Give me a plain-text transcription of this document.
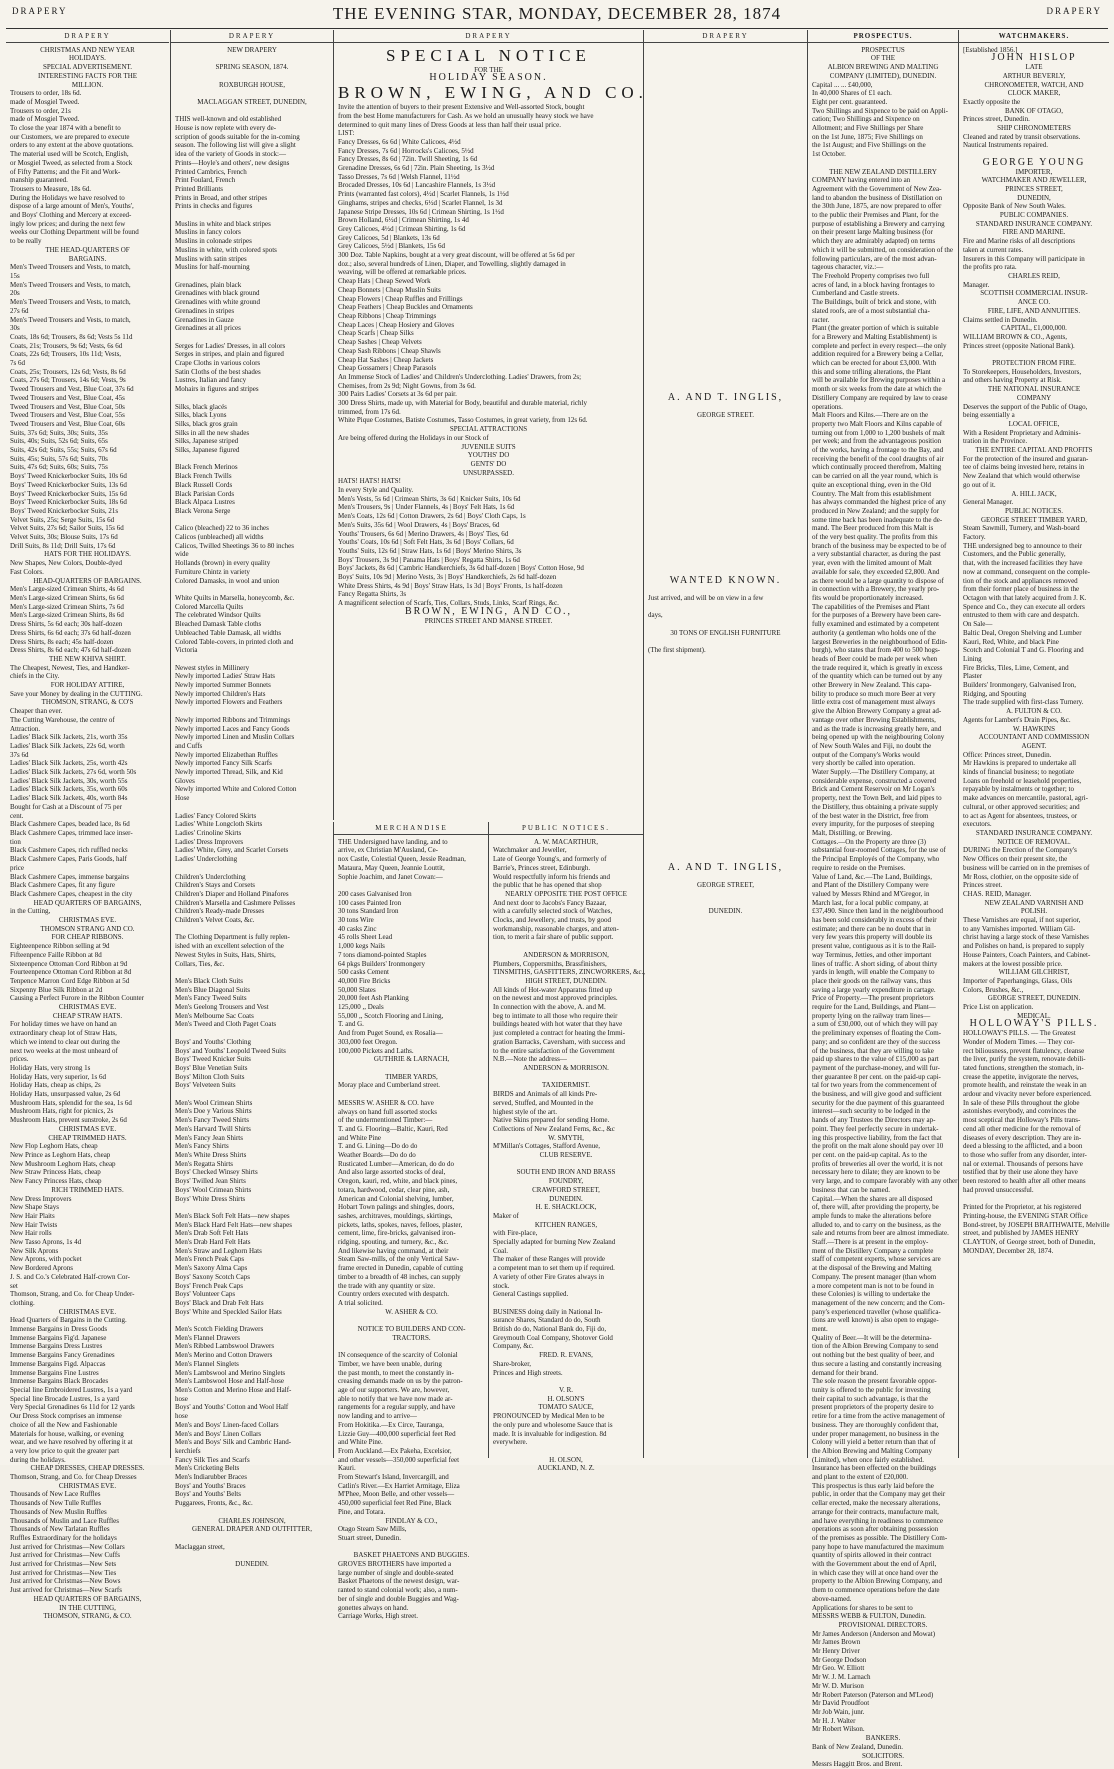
DRAPERY	THE EVENING STAR, MONDAY, DECEMBER 28, 1874	DRAPERY
DRAPERY
CHRISTMAS AND NEW YEAR
HOLIDAYS.
SPECIAL ADVERTISEMENT.
INTERESTING FACTS FOR THE
MILLION.
Trousers to order, 18s 6d.
made of Mosgiel Tweed.
Trousers to order, 21s
made of Mosgiel Tweed.
To close the year 1874 with a benefit to
our Customers, we are prepared to execute
orders to any extent at the above quotations.
The material used will be Scotch, English,
or Mosgiel Tweed, as selected from a Stock
of Fifty Patterns; and the Fit and Work-
manship guaranteed.
Trousers to Measure, 18s 6d.
During the Holidays we have resolved to
dispose of a large amount of Men's, Youths',
and Boys' Clothing and Mercery at exceed-
ingly low prices; and during the next few
weeks our Clothing Department will be found
to be really
THE HEAD-QUARTERS OF
BARGAINS.
Men's Tweed Trousers and Vests, to match,
15s
Men's Tweed Trousers and Vests, to match,
20s
Men's Tweed Trousers and Vests, to match,
27s 6d
Men's Tweed Trousers and Vests, to match,
30s
Coats, 18s 6d; Trousers, 8s 6d; Vests 5s 11d
Coats, 21s; Trousers, 9s 6d; Vests, 6s 6d
Coats, 22s 6d; Trousers, 10s 11d; Vests,
7s 6d
Coats, 25s; Trousers, 12s 6d; Vests, 8s 6d
Coats, 27s 6d; Trousers, 14s 6d; Vests, 9s
Tweed Trousers and Vest, Blue Coat, 37s 6d
Tweed Trousers and Vest, Blue Coat, 45s
Tweed Trousers and Vest, Blue Coat, 50s
Tweed Trousers and Vest, Blue Coat, 55s
Tweed Trousers and Vest, Blue Coat, 60s
Suits, 37s 6d; Suits, 30s; Suits, 35s
Suits, 40s; Suits, 52s 6d; Suits, 65s
Suits, 42s 6d; Suits, 55s; Suits, 67s 6d
Suits, 45s; Suits, 57s 6d; Suits, 70s
Suits, 47s 6d; Suits, 60s; Suits, 75s
Boys' Tweed Knickerbocker Suits, 10s 6d
Boys' Tweed Knickerbocker Suits, 13s 6d
Boys' Tweed Knickerbocker Suits, 15s 6d
Boys' Tweed Knickerbocker Suits, 18s 6d
Boys' Tweed Knickerbocker Suits, 21s
Velvet Suits, 25s; Serge Suits, 15s 6d
Velvet Suits, 27s 6d; Sailor Suits, 15s 6d
Velvet Suits, 30s; Blouse Suits, 17s 6d
Drill Suits, 8s 11d; Drill Suits, 17s 6d
HATS FOR THE HOLIDAYS.
New Shapes, New Colors, Double-dyed
Fast Colors.
HEAD-QUARTERS OF BARGAINS.
Men's Large-sized Crimean Shirts, 4s 6d
Men's Large-sized Crimean Shirts, 6s 6d
Men's Large-sized Crimean Shirts, 7s 6d
Men's Large-sized Crimean Shirts, 8s 6d
Dress Shirts, 5s 6d each; 30s half-dozen
Dress Shirts, 6s 6d each; 37s 6d half-dozen
Dress Shirts, 8s each; 45s half-dozen
Dress Shirts, 8s 6d each; 47s 6d half-dozen
THE NEW KHIVA SHIRT.
The Cheapest, Newest, Ties, and Handker-
chiefs in the City.
FOR HOLIDAY ATTIRE,
Save your Money by dealing in the CUTTING.
THOMSON, STRANG, & CO'S
Cheaper than ever.
The Cutting Warehouse, the centre of
Attraction.
Ladies' Black Silk Jackets, 21s, worth 35s
Ladies' Black Silk Jackets, 22s 6d, worth
37s 6d
Ladies' Black Silk Jackets, 25s, worth 42s
Ladies' Black Silk Jackets, 27s 6d, worth 50s
Ladies' Black Silk Jackets, 30s, worth 55s
Ladies' Black Silk Jackets, 35s, worth 60s
Ladies' Black Silk Jackets, 40s, worth 84s
Bought for Cash at a Discount of 75 per
cent.
Black Cashmere Capes, beaded lace, 8s 6d
Black Cashmere Capes, trimmed lace inser-
tion
Black Cashmere Capes, rich ruffled necks
Black Cashmere Capes, Paris Goods, half
price
Black Cashmere Capes, immense bargains
Black Cashmere Capes, fit any figure
Black Cashmere Capes, cheapest in the city
HEAD QUARTERS OF BARGAINS,
in the Cutting,
CHRISTMAS EVE.
THOMSON STRANG AND CO.
FOR CHEAP RIBBONS.
Eighteenpence Ribbon selling at 9d
Fifteenpence Faille Ribbon at 8d
Sixteenpence Ottoman Cord Ribbon at 9d
Fourteenpence Ottoman Cord Ribbon at 8d
Tenpence Marron Cord Edge Ribbon at 5d
Sixpenny Blue Silk Ribbon at 2d
Causing a Perfect Furore in the Ribbon Counter
CHRISTMAS EVE.
CHEAP STRAW HATS.
For holiday times we have on hand an
extraordinary cheap lot of Straw Hats,
which we intend to clear out during the
next two weeks at the most unheard of
prices.
Holiday Hats, very strong 1s
Holiday Hats, very superior, 1s 6d
Holiday Hats, cheap as chips, 2s
Holiday Hats, unsurpassed value, 2s 6d
Mushroom Hats, splendid for the sea, 1s 6d
Mushroom Hats, right for picnics, 2s
Mushroom Hats, prevent sunstroke, 2s 6d
CHRISTMAS EVE.
CHEAP TRIMMED HATS.
New Flop Leghorn Hats, cheap
New Prince as Leghorn Hats, cheap
New Mushroom Leghorn Hats, cheap
New Straw Princess Hats, cheap
New Fancy Princess Hats, cheap
RICH TRIMMED HATS.
New Dress Improvers
New Shape Stays
New Hair Plaits
New Hair Twists
New Hair rolls
New Tasso Aprons, 1s 4d
New Silk Aprons
New Aprons, with pocket
New Bordered Aprons
J. S. and Co.'s Celebrated Half-crown Cor-
set
Thomson, Strang, and Co. for Cheap Under-
clothing.
CHRISTMAS EVE.
Head Quarters of Bargains in the Cutting.
Immense Bargains in Dress Goods
Immense Bargains Fig'd. Japanese
Immense Bargains Dress Lustres
Immense Bargains Fancy Grenadines
Immense Bargains Figd. Alpaccas
Immense Bargains Fine Lustres
Immense Bargains Black Brocades
Special line Embroidered Lustres, 1s a yard
Special line Brocade Lustres, 1s a yard
Very Special Grenadines 6s 11d for 12 yards
Our Dress Stock comprises an immense
choice of all the New and Fashionable
Materials for house, walking, or evening
wear, and we have resolved by offering it at
a very low price to quit the greater part
during the holidays.
CHEAP DRESSES, CHEAP DRESSES.
Thomson, Strang, and Co. for Cheap Dresses
CHRISTMAS EVE.
Thousands of New Lace Ruffles
Thousands of New Tulle Ruffles
Thousands of New Muslin Ruffles
Thousands of Muslin and Lace Ruffles
Thousands of New Tarlatan Ruffles
Ruffles Extraordinary for the holidays
Just arrived for Christmas—New Collars
Just arrived for Christmas—New Cuffs
Just arrived for Christmas—New Sets
Just arrived for Christmas—New Ties
Just arrived for Christmas—New Bows
Just arrived for Christmas—New Scarfs
HEAD QUARTERS OF BARGAINS,
IN THE CUTTING,
THOMSON, STRANG, & CO.
DRAPERY
NEW DRAPERY

SPRING SEASON, 1874.

ROXBURGH HOUSE,

MACLAGGAN STREET, DUNEDIN,

THIS well-known and old established
House is now replete with every de-
scription of goods suitable for the in-coming
season. The following list will give a slight
idea of the variety of Goods in stock:—
Prints—Hoyle's and others', new designs
Printed Cambrics, French
Print Foulard, French
Printed Brilliants
Prints in Broad, and other stripes
Prints in checks and figures

Muslins in white and black stripes
Muslins in fancy colors
Muslins in colonade stripes
Muslins in white, with colored spots
Muslins with satin stripes
Muslins for half-mourning

Grenadines, plain black
Grenadines with black ground
Grenadines with white ground
Grenadines in stripes
Grenadines in Gauze
Grenadines at all prices

Serges for Ladies' Dresses, in all colors
Serges in stripes, and plain and figured
Crape Cloths in various colors
Satin Cloths of the best shades
Lustres, Italian and fancy
Mohairs in figures and stripes

Silks, black glacés
Silks, black Lyons
Silks, black gros grain
Silks in all the new shades
Silks, Japanese striped
Silks, Japanese figured

Black French Merinos
Black French Twills
Black Russell Cords
Black Parisian Cords
Black Alpaca Lustres
Black Verona Serge

Calico (bleached) 22 to 36 inches
Calicos (unbleached) all widths
Calicos, Twilled Sheetings 36 to 80 inches
wide
Hollands (brown) in every quality
Furniture Chintz in variety
Colored Damasks, in wool and union

White Quilts in Marsella, honeycomb, &c.
Colored Marcella Quilts
The celebrated Windsor Quilts
Bleached Damask Table cloths
Unbleached Table Damask, all widths
Colored Table-covers, in printed cloth and
Victoria

Newest styles in Millinery
Newly imported Ladies' Straw Hats
Newly imported Summer Bonnets
Newly imported Children's Hats
Newly imported Flowers and Feathers

Newly imported Ribbons and Trimmings
Newly imported Laces and Fancy Goods
Newly imported Linen and Muslin Collars
and Cuffs
Newly imported Elizabethan Ruffles
Newly imported Fancy Silk Scarfs
Newly imported Thread, Silk, and Kid
Gloves
Newly imported White and Colored Cotton
Hose

Ladies' Fancy Colored Skirts
Ladies' White Longcloth Skirts
Ladies' Crinoline Skirts
Ladies' Dress Improvers
Ladies' White, Grey, and Scarlet Corsets
Ladies' Underclothing

Children's Underclothing
Children's Stays and Corsets
Children's Diaper and Holland Pinafores
Children's Marsella and Cashmere Pelisses
Children's Ready-made Dresses
Children's Velvet Coats, &c.

The Clothing Department is fully replen-
ished with an excellent selection of the
Newest Styles in Suits, Hats, Shirts,
Collars, Ties, &c.

Men's Black Cloth Suits
Men's Blue Diagonal Suits
Men's Fancy Tweed Suits
Men's Geelong Trousers and Vest
Men's Melbourne Sac Coats
Men's Tweed and Cloth Paget Coats

Boys' and Youths' Clothing
Boys' and Youths' Leopold Tweed Suits
Boys' Tweed Knicker Suits
Boys' Blue Venetian Suits
Boys' Milton Cloth Suits
Boys' Velveteen Suits

Men's Wool Crimean Shirts
Men's Doe y Various Shirts
Men's Fancy Tweed Shirts
Men's Harvard Twill Shirts
Men's Fancy Jean Shirts
Men's Fancy Shirts
Men's White Dress Shirts
Men's Regatta Shirts
Boys' Checked Winsey Shirts
Boys' Twilled Jean Shirts
Boys' Wool Crimean Shirts
Boys' White Dress Shirts

Men's Black Soft Felt Hats—new shapes
Men's Black Hard Felt Hats—new shapes
Men's Drab Soft Felt Hats
Men's Drab Hard Felt Hats
Men's Straw and Leghorn Hats
Men's French Peak Caps
Men's Saxony Alma Caps
Boys' Saxony Scotch Caps
Boys' French Peak Caps
Boys' Volunteer Caps
Boys' Black and Drab Felt Hats
Boys' White and Speckled Sailor Hats

Men's Scotch Fielding Drawers
Men's Flannel Drawers
Men's Ribbed Lambswool Drawers
Men's Merino and Cotton Drawers
Men's Flannel Singlets
Men's Lambswool and Merino Singlets
Men's Lambswool Hose and Half-hose
Men's Cotton and Merino Hose and Half-
hose
Boys' and Youths' Cotton and Wool Half
hose
Men's and Boys' Linen-faced Collars
Men's and Boys' Linen Collars
Men's and Boys' Silk and Cambric Hand-
kerchiefs
Fancy Silk Ties and Scarfs
Men's Cricketing Belts
Men's Indiarubber Braces
Boys' and Youths' Braces
Boys' and Youths' Belts
Puggarees, Fronts, &c., &c.

CHARLES JOHNSON,
GENERAL DRAPER AND OUTFITTER,

Maclaggan street,

DUNEDIN.
DRAPERY
SPECIAL NOTICE
FOR THE
HOLIDAY SEASON.
BROWN, EWING, AND CO.
Invite the attention of buyers to their present Extensive and Well-assorted Stock, bought
from the best Home manufacturers for Cash. As we hold an unusually heavy stock we have
determined to quit many lines of Dress Goods at less than half their usual price.
LIST:
Fancy Dresses, 6s 6d | White Calicoes, 4½d
Fancy Dresses, 7s 6d | Horrocks's Calicoes, 5½d
Fancy Dresses, 8s 6d | 72in. Twill Sheeting, 1s 6d
Grenadine Dresses, 6s 6d | 72in. Plain Sheeting, 1s 3½d
Tasso Dresses, 7s 6d | Welsh Flannel, 11½d
Brocaded Dresses, 10s 6d | Lancashire Flannels, 1s 3½d
Prints (warranted fast colors), 4½d | Scarlet Flannels, 1s 1½d
Ginghams, stripes and checks, 6½d | Scarlet Flannel, 1s 3d
Japanese Stripe Dresses, 10s 6d | Crimean Shirting, 1s 1½d
Brown Holland, 6½d | Crimean Shirting, 1s 4d
Grey Calicoes, 4½d | Crimean Shirting, 1s 6d
Grey Calicoes, 5d | Blankets, 13s 6d
Grey Calicoes, 5½d | Blankets, 15s 6d
300 Doz. Table Napkins, bought at a very great discount, will be offered at 5s 6d per
doz.; also, several hundreds of Linen, Diaper, and Towelling, slightly damaged in
weaving, will be offered at remarkable prices.
Cheap Hats | Cheap Sewed Work
Cheap Bonnets | Cheap Muslin Suits
Cheap Flowers | Cheap Ruffles and Frillings
Cheap Feathers | Cheap Buckles and Ornaments
Cheap Ribbons | Cheap Trimmings
Cheap Laces | Cheap Hosiery and Gloves
Cheap Scarfs | Cheap Silks
Cheap Sashes | Cheap Velvets
Cheap Sash Ribbons | Cheap Shawls
Cheap Hat Sashes | Cheap Jackets
Cheap Gossamers | Cheap Parasols
An Immense Stock of Ladies' and Children's Underclothing. Ladies' Drawers, from 2s;
Chemises, from 2s 9d; Night Gowns, from 3s 6d.
300 Pairs Ladies' Corsets at 3s 6d per pair.
300 Dress Shirts, made up, with Material for Body, beautiful and durable material, richly
trimmed, from 17s 6d.
White Pique Costumes, Batiste Costumes, Tasso Costumes, in great variety, from 12s 6d.
SPECIAL ATTRACTIONS
Are being offered during the Holidays in our Stock of
JUVENILE SUITS
YOUTHS' DO
GENTS' DO
UNSURPASSED.
HATS! HATS! HATS!
In every Style and Quality.
Men's Vests, 5s 6d | Crimean Shirts, 3s 6d | Knicker Suits, 10s 6d
Men's Trousers, 9s | Under Flannels, 4s | Boys' Felt Hats, 1s 6d
Men's Coats, 12s 6d | Cotton Drawers, 2s 6d | Boys' Cloth Caps, 1s
Men's Suits, 35s 6d | Wool Drawers, 4s | Boys' Braces, 6d
Youths' Trousers, 6s 6d | Merino Drawers, 4s | Boys' Ties, 6d
Youths' Coats, 10s 6d | Soft Felt Hats, 3s 6d | Boys' Collars, 6d
Youths' Suits, 12s 6d | Straw Hats, 1s 6d | Boys' Merino Shirts, 3s
Boys' Trousers, 3s 9d | Panama Hats | Boys' Regatta Shirts, 1s 6d
Boys' Jackets, 8s 6d | Cambric Handkerchiefs, 3s 6d half-dozen | Boys' Cotton Hose, 9d
Boys' Suits, 10s 9d | Merino Vests, 3s | Boys' Handkerchiefs, 2s 6d half-dozen
White Dress Shirts, 4s 9d | Boys' Straw Hats, 1s 3d | Boys' Fronts, 1s half-dozen
Fancy Regatta Shirts, 3s
A magnificent selection of Scarfs, Ties, Collars, Studs, Links, Scarf Rings, &c.
BROWN, EWING, AND CO.,
PRINCES STREET AND MANSE STREET.
MERCHANDISE
THE Undersigned have landing, and to
arrive, ex Christian M'Ausland, Ce-
nox Castle, Colestial Queen, Jessie Readman,
Mataura, May Queen, Jeannie Louttit,
Sophie Joachim, and Janet Cowan:—

200 cases Galvanised Iron
100 cases Painted Iron
30 tons Standard Iron
30 tons Wire
40 casks Zinc
45 rolls Sheet Lead
1,000 kegs Nails
7 tons diamond-pointed Staples
64 pkgs Builders' Ironmongery
500 casks Cement
40,000 Fire Bricks
50,000 Slates
20,000 feet Ash Planking
125,000 ,, Deals
55,000 ,, Scotch Flooring and Lining,
T. and G.
And from Puget Sound, ex Rosalia—
303,000 feet Oregon.
100,000 Pickets and Laths.
GUTHRIE & LARNACH,

TIMBER YARDS,
Moray place and Cumberland street.

MESSRS W. ASHER & CO. have
always on hand full assorted stocks
of the undermentioned Timber:—
T. and G. Flooring—Baltic, Kauri, Red
and White Pine
T. and G. Lining—Do do do
Weather Boards—Do do do
Rusticated Lumber—American, do do do
And also large assorted stocks of deal,
Oregon, kauri, red, white, and black pines,
totara, hardwood, cedar, clear pine, ash,
American and Colonial shelving, lumber,
Hobart Town palings and shingles, doors,
sashes, architraves, mouldings, skirtings,
pickets, laths, spokes, naves, felloes, plaster,
cement, lime, fire-bricks, galvanised iron-
ridging, spouting, and turnery, &c., &c.
And likewise having command, at their
Steam Saw-mills, of the only Vertical Saw-
frame erected in Dunedin, capable of cutting
timber to a breadth of 48 inches, can supply
the trade with any quantity or size.
Country orders executed with despatch.
A trial solicited.
W. ASHER & CO.

NOTICE TO BUILDERS AND CON-
TRACTORS.

IN consequence of the scarcity of Colonial
Timber, we have been unable, during
the past month, to meet the constantly in-
creasing demands made on us by the patron-
age of our supporters. We are, however,
able to notify that we have now made ar-
rangements for a regular supply, and have
now landing and to arrive—
From Hokitika.—Ex Circe, Tauranga,
Lizzie Guy—400,000 superficial feet Red
and White Pine.
From Auckland.—Ex Pakeha, Excelsior,
and other vessels—350,000 superficial feet
Kauri.
From Stewart's Island, Invercargill, and
Catlin's River.—Ex Harriet Armitage, Eliza
M'Phee, Moon Belle, and other vessels—
450,000 superficial feet Red Pine, Black
Pine, and Totara.
FINDLAY & CO.,
Otago Steam Saw Mills,
Stuart street, Dunedin.

BASKET PHAETONS AND BUGGIES.
GROVES BROTHERS have imported a
large number of single and double-seated
Basket Phaetons of the newest design, war-
ranted to stand colonial work; also, a num-
ber of single and double Buggies and Wag-
gonettes always on hand.
Carriage Works, High street.
PUBLIC NOTICES.
A. W. MACARTHUR,
Watchmaker and Jeweller,
Late of George Young's, and formerly of
Barrie's, Princes street, Edinburgh.
Would respectfully inform his friends and
the public that he has opened that shop
NEARLY OPPOSITE THE POST OFFICE
And next door to Jacobs's Fancy Bazaar,
with a carefully selected stock of Watches,
Clocks, and Jewellery, and trusts, by good
workmanship, reasonable charges, and atten-
tion, to merit a fair share of public support.

ANDERSON & MORRISON,
Plumbers, Coppersmiths, Brassfinishers,
TINSMITHS, GASFITTERS, ZINCWORKERS, &c.,
HIGH STREET, DUNEDIN.
All kinds of Hot-water Apparatus fitted up
on the newest and most approved principles.
In connection with the above, A. and M.
beg to intimate to all those who require their
buildings heated with hot water that they have
just completed a contract for heating the Immi-
gration Barracks, Caversham, with success and
to the entire satisfaction of the Government
N.B.—Note the address—
ANDERSON & MORRISON.

TAXIDERMIST.
BIRDS and Animals of all kinds Pre-
served, Stuffed, and Mounted in the
highest style of the art.
Native Skins prepared for sending Home.
Collections of New Zealand Ferns, &c., &c
W. SMYTH,
M'Millan's Cottages, Stafford Avenue,
CLUB RESERVE.

SOUTH END IRON AND BRASS
FOUNDRY,
CRAWFORD STREET,
DUNEDIN.
H. E. SHACKLOCK,
Maker of
KITCHEN RANGES,
with Fire-place,
Specially adapted for burning New Zealand
Coal.
The maker of these Ranges will provide
a competent man to set them up if required.
A variety of other Fire Grates always in
stock.
General Castings supplied.

BUSINESS doing daily in National In-
surance Shares, Standard do do, South
British do do, National Bank do, Fiji do,
Greymouth Coal Company, Shotover Gold
Company, &c.
FRED. R. EVANS,
Share-broker,
Princes and High streets.

V. R.
H. OLSON'S
TOMATO SAUCE,
PRONOUNCED by Medical Men to be
the only pure and wholesome Sauce that is
made. It is invaluable for indigestion. 8d
everywhere.

H. OLSON,
AUCKLAND, N. Z.
DRAPERY

A. AND T. INGLIS,

GEORGE STREET.

WANTED KNOWN.

Just arrived, and will be on view in a few

days,

30 TONS OF ENGLISH FURNITURE

(The first shipment).

A. AND T. INGLIS,

GEORGE STREET,

DUNEDIN.
PROSPECTUS.
PROSPECTUS
OF THE
ALBION BREWING AND MALTING
COMPANY (LIMITED), DUNEDIN.
Capital ... ... £40,000,
In 40,000 Shares of £1 each.
Eight per cent. guaranteed.
Two Shillings and Sixpence to be paid on Appli-
cation; Two Shillings and Sixpence on
Allotment; and Five Shillings per Share
on the 1st June, 1875; Five Shillings on
the 1st August; and Five Shillings on the
1st October.

THE NEW ZEALAND DISTILLERY
COMPANY having entered into an
Agreement with the Government of New Zea-
land to abandon the business of Distillation on
the 30th June, 1875, are now prepared to offer
to the public their Premises and Plant, for the
purpose of establishing a Brewery and carrying
on their present large Malting business (for
which they are admirably adapted) on terms
which it will be submitted, on consideration of the
following particulars, are of the most advan-
tageous character, viz.:—
The Freehold Property comprises two full
acres of land, in a block having frontages to
Cumberland and Castle streets.
The Buildings, built of brick and stone, with
slated roofs, are of a most substantial cha-
racter.
Plant (the greater portion of which is suitable
for a Brewery and Malting Establishment) is
complete and perfect in every respect—the only
addition required for a Brewery being a Cellar,
which can be erected for about £3,000. With
this and some trifling alterations, the Plant
will be available for Brewing purposes within a
month or six weeks from the date at which the
Distillery Company are required by law to cease
operations.
Malt Floors and Kilns.—There are on the
property two Malt Floors and Kilns capable of
turning out from 1,000 to 1,200 bushels of malt
per week; and from the advantageous position
of the works, having a frontage to the Bay, and
receiving the benefit of the cool draughts of air
which continually proceed therefrom, Malting
can be carried on all the year round, which is
quite an exceptional thing, even in the Old
Country. The Malt from this establishment
has always commanded the highest price of any
produced in New Zealand; and the supply for
some time back has been inadequate to the de-
mand. The Beer produced from this Malt is
of the very best quality. The profits from this
branch of the business may be expected to be of
a very substantial character, as during the past
year, even with the limited amount of Malt
available for sale, they exceeded £2,800. And
as there would be a large quantity to dispose of
in connection with a Brewery, the yearly pro-
fits would be proportionately increased.
The capabilities of the Premises and Plant
for the purposes of a Brewery have been care-
fully examined and estimated by a competent
authority (a gentleman who holds one of the
largest Breweries in the neighbourhood of Edin-
burgh), who states that from 400 to 500 hogs-
heads of Beer could be made per week when
the trade required it, which is greatly in excess
of the quantity which can be turned out by any
other Brewery in New Zealand. This capa-
bility to produce so much more Beer at very
little extra cost of management must always
give the Albion Brewery Company a great ad-
vantage over other Brewing Establishments,
and as the trade is increasing greatly here, and
being opened up with the neighbouring Colony
of New South Wales and Fiji, no doubt the
output of the Company's Works would
very shortly be called into operation.
Water Supply.—The Distillery Company, at
considerable expense, constructed a covered
Brick and Cement Reservoir on Mr Logan's
property, next the Town Belt, and laid pipes to
the Distillery, thus obtaining a private supply
of the best water in the District, free from
every impurity, for the purposes of steeping
Malt, Distilling, or Brewing.
Cottages.—On the Property are three (3)
substantial four-roomed Cottages, for the use of
the Principal Employés of the Company, who
require to reside on the Premises.
Value of Land, &c.—The Land, Buildings,
and Plant of the Distillery Company were
valued by Messrs Rhind and M'Gregor, in
March last, for a local public company, at
£37,490. Since then land in the neighbourhood
has been sold considerably in excess of their
estimate; and there can be no doubt that in
very few years this property will double its
present value, contiguous as it is to the Rail-
way Terminus, Jetties, and other important
lines of traffic. A short siding, of about thirty
yards in length, will enable the Company to
place their goods on the railway vans, thus
saving a large yearly expenditure in cartage.
Price of Property.—The present proprietors
require for the Land, Buildings, and Plant—
property lying on the railway tram lines—
a sum of £30,000, out of which they will pay
the preliminary expenses of floating the Com-
pany; and so confident are they of the success
of the business, that they are willing to take
paid up shares to the value of £15,000 as part
payment of the purchase-money, and will fur-
ther guarantee 8 per cent. on the paid-up capi-
tal for two years from the commencement of
the business, and will give good and sufficient
security for the due payment of this guaranteed
interest—such security to be lodged in the
hands of any Trustees the Directors may ap-
point. They feel perfectly secure in undertak-
ing this prospective liability, from the fact that
the profit on the malt alone should pay over 10
per cent. on the paid-up capital. As to the
profits of breweries all over the world, it is not
necessary here to dilate; they are known to be
very large, and to compare favorably with any other
business that can be named.
Capital.—When the shares are all disposed
of, there will, after providing the property, be
ample funds to make the alterations before
alluded to, and to carry on the business, as the
sale and returns from beer are almost immediate.
Staff.—There is at present in the employ-
ment of the Distillery Company a complete
staff of competent experts, whose services are
at the disposal of the Brewing and Malting
Company. The present manager (than whom
a more competent man is not to be found in
these Colonies) is willing to undertake the
management of the new concern; and the Com-
pany's experienced traveller (whose qualifica-
tions are well known) is also open to engage-
ment.
Quality of Beer.—It will be the determina-
tion of the Albion Brewing Company to send
out nothing but the best quality of beer, and
thus secure a lasting and constantly increasing
demand for their brand.
The sole reason the present favorable oppor-
tunity is offered to the public for investing
their capital to such advantage, is that the
present proprietors of the property desire to
retire for a time from the active management of
business. They are thoroughly confident that,
under proper management, no business in the
Colony will yield a better return than that of
the Albion Brewing and Malting Company
(Limited), when once fairly established.
Insurance has been effected on the buildings
and plant to the extent of £20,000.
This prospectus is thus early laid before the
public, in order that the Company may get their
cellar erected, make the necessary alterations,
arrange for their contracts, manufacture malt,
and have everything in readiness to commence
operations as soon after obtaining possession
of the premises as possible. The Distillery Com-
pany hope to have manufactured the maximum
quantity of spirits allowed in their contract
with the Government about the end of April,
in which case they will at once hand over the
property to the Albion Brewing Company, and
them to commence operations before the date
above-named.
Applications for shares to be sent to
MESSRS WEBB & FULTON, Dunedin.
PROVISIONAL DIRECTORS.
Mr James Anderson (Anderson and Mowat)
Mr James Brown
Mr Henry Driver
Mr George Dodson
Mr Geo. W. Elliott
Mr W. J. M. Larnach
Mr W. D. Murison
Mr Robert Paterson (Paterson and M'Leod)
Mr David Proudfoot
Mr Job Wain, junr.
Mr H. J. Walter
Mr Robert Wilson.
BANKERS.
Bank of New Zealand, Dunedin.
SOLICITORS.
Messrs Haggitt Bros. and Brent.
WATCHMAKERS.
[Established 1856.]
JOHN HISLOP
LATE
ARTHUR BEVERLY,
CHRONOMETER, WATCH, AND
CLOCK MAKER,
Exactly opposite the
BANK OF OTAGO,
Princes street, Dunedin.
SHIP CHRONOMETERS
Cleaned and rated by transit observations.
Nautical Instruments repaired.

GEORGE YOUNG
IMPORTER,
WATCHMAKER AND JEWELLER,
PRINCES STREET,
DUNEDIN,
Opposite Bank of New South Wales.
PUBLIC COMPANIES.
STANDARD INSURANCE COMPANY.
FIRE AND MARINE.
Fire and Marine risks of all descriptions
taken at current rates.
Insurers in this Company will participate in
the profits pro rata.
CHARLES REID,
Manager.
SCOTTISH COMMERCIAL INSUR-
ANCE CO.
FIRE, LIFE, AND ANNUITIES.
Claims settled in Dunedin.
CAPITAL, £1,000,000.
WILLIAM BROWN & CO., Agents,
Princes street (opposite National Bank).

PROTECTION FROM FIRE.
To Storekeepers, Householders, Investors,
and others having Property at Risk.
THE NATIONAL INSURANCE
COMPANY
Deserves the support of the Public of Otago,
being essentially a
LOCAL OFFICE,
With a Resident Proprietary and Adminis-
tration in the Province.
THE ENTIRE CAPITAL AND PROFITS
For the protection of the insured and guaran-
tee of claims being invested here, retains in
New Zealand that which would otherwise
go out of it.
A. HILL JACK,
General Manager.
PUBLIC NOTICES.
GEORGE STREET TIMBER YARD,
Steam Sawmill, Turnery, and Wash-board
Factory.
THE undersigned beg to announce to their
Customers, and the Public generally,
that, with the increased facilities they have
now at command, consequent on the comple-
tion of the stock and appliances removed
from their former place of business in the
Octagon with that lately acquired from J. K.
Spence and Co., they can execute all orders
entrusted to them with care and despatch.
On Sale—
Baltic Deal, Oregon Shelving and Lumber
Kauri, Red, White, and black Pine
Scotch and Colonial T and G. Flooring and
Lining
Fire Bricks, Tiles, Lime, Cement, and
Plaster
Builders' Ironmongery, Galvanised Iron,
Ridging, and Spouting
The trade supplied with first-class Turnery.
A. FULTON & CO.
Agents for Lambert's Drain Pipes, &c.
W. HAWKINS
ACCOUNTANT AND COMMISSION
AGENT.
Office: Princes street, Dunedin.
Mr Hawkins is prepared to undertake all
kinds of financial business; to negotiate
Loans on freehold or leasehold properties,
repayable by instalments or together; to
make advances on mercantile, pastoral, agri-
cultural, or other approved securities; and
to act as Agent for absentees, trustees, or
executors.
STANDARD INSURANCE COMPANY.
NOTICE OF REMOVAL.
DURING the Erection of the Company's
New Offices on their present site, the
business will be carried on in the premises of
Mr Ross, clothier, on the opposite side of
Princes street.
CHAS. REID, Manager.
NEW ZEALAND VARNISH AND
POLISH.
These Varnishes are equal, if not superior,
to any Varnishes imported. William Gil-
christ having a large stock of these Varnishes
and Polishes on hand, is prepared to supply
House Painters, Coach Painters, and Cabinet-
makers at the lowest possible price.
WILLIAM GILCHRIST,
Importer of Paperhangings, Glass, Oils
Colors, Brushes, &c.,
GEORGE STREET, DUNEDIN.
Price List on application.
MEDICAL.
HOLLOWAY'S PILLS.
HOLLOWAY'S PILLS. — The Greatest
Wonder of Modern Times. — They cor-
rect biliousness, prevent flatulency, cleanse
the liver, purify the system, renovate debili-
tated functions, strengthen the stomach, in-
crease the appetite, invigorate the nerves,
promote health, and reinstate the weak in an
ardour and vivacity never before experienced.
In sale of these Pills throughout the globe
astonishes everybody, and convinces the
most sceptical that Holloway's Pills trans-
cend all other medicine for the removal of
diseases of every description. They are in-
deed a blessing to the afflicted, and a boon
to those who suffer from any disorder, inter-
nal or external. Thousands of persons have
testified that by their use alone they have
been restored to health after all other means
had proved unsuccessful.

Printed for the Proprietor, at his registered
Printing-house, the EVENING STAR Office
Bond-street, by JOSEPH BRAITHWAITE, Melville
street, and published by JAMES HENRY
CLAYTON, of George street, both of Dunedin,
MONDAY, December 28, 1874.
